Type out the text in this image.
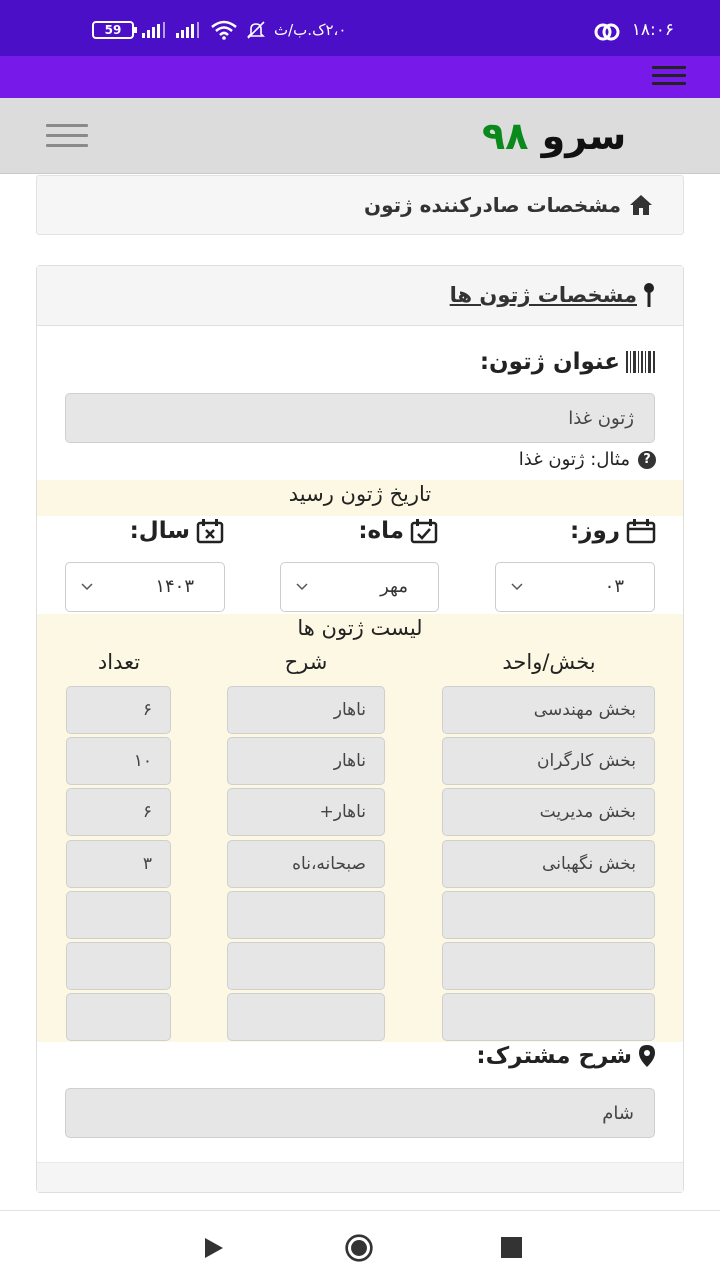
59	۲،۰ک.ب/ث	۱۸:۰۶
سرو ۹۸
مشخصات صادرکننده ژتون
مشخصات ژتون ها
عنوان ژتون:
ژتون غذا
?
مثال: ژتون غذا
تاریخ ژتون رسید
روز:
ماه:
سال:
۰۳
مهر
۱۴۰۳
لیست ژتون ها
بخش/واحد
شرح
تعداد
بخش مهندسی
ناهار
۶
بخش کارگران
ناهار
۱۰
بخش مدیریت
ناهار+
۶
بخش نگهبانی
صبحانه،ناه
۳
شرح مشترک:
شام
